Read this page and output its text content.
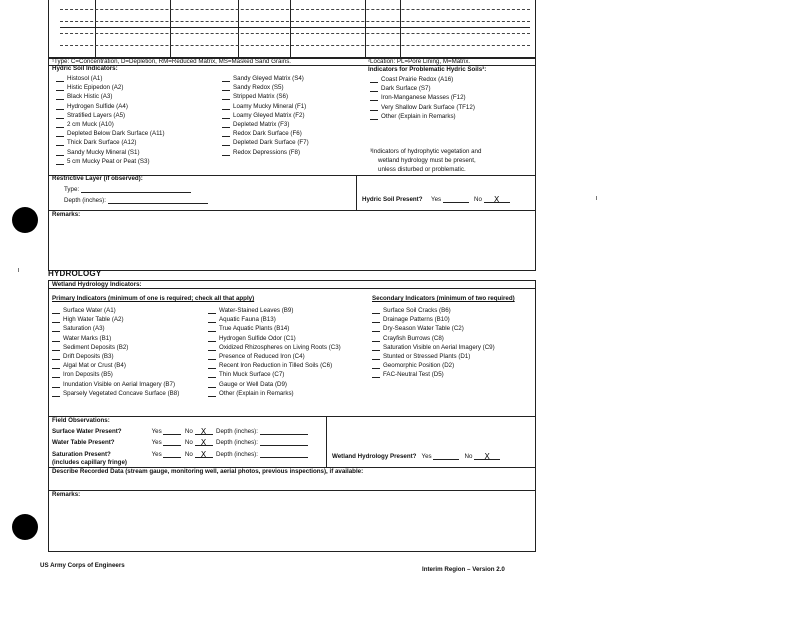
¹Type: C=Concentration, D=Depletion, RM=Reduced Matrix, MS=Masked Sand Grains.	²Location: PL=Pore Lining, M=Matrix.
Hydric Soil Indicators:	Indicators for Problematic Hydric Soils³:
Histosol (A1)
Histic Epipedon (A2)
Black Histic (A3)
Hydrogen Sulfide (A4)
Stratified Layers (A5)
2 cm Muck (A10)
Depleted Below Dark Surface (A11)
Thick Dark Surface (A12)
Sandy Mucky Mineral (S1)
5 cm Mucky Peat or Peat (S3)
Sandy Gleyed Matrix (S4)
Sandy Redox (S5)
Stripped Matrix (S6)
Loamy Mucky Mineral (F1)
Loamy Gleyed Matrix (F2)
Depleted Matrix (F3)
Redox Dark Surface (F6)
Depleted Dark Surface (F7)
Redox Depressions (F8)
Coast Prairie Redox (A16)
Dark Surface (S7)
Iron-Manganese Masses (F12)
Very Shallow Dark Surface (TF12)
Other (Explain in Remarks)
³Indicators of hydrophytic vegetation and
wetland hydrology must be present,
unless disturbed or problematic.
Restrictive Layer (if observed):
Type:
Depth (inches):	Hydric Soil Present? Yes	No X
Remarks:
HYDROLOGY
Wetland Hydrology Indicators:
Primary Indicators (minimum of one is required; check all that apply)	Secondary Indicators (minimum of two required)
Surface Water (A1)
High Water Table (A2)
Saturation (A3)
Water Marks (B1)
Sediment Deposits (B2)
Drift Deposits (B3)
Algal Mat or Crust (B4)
Iron Deposits (B5)
Inundation Visible on Aerial Imagery (B7)
Sparsely Vegetated Concave Surface (B8)
Water-Stained Leaves (B9)
Aquatic Fauna (B13)
True Aquatic Plants (B14)
Hydrogen Sulfide Odor (C1)
Oxidized Rhizospheres on Living Roots (C3)
Presence of Reduced Iron (C4)
Recent Iron Reduction in Tilled Soils (C6)
Thin Muck Surface (C7)
Gauge or Well Data (D9)
Other (Explain in Remarks)
Surface Soil Cracks (B6)
Drainage Patterns (B10)
Dry-Season Water Table (C2)
Crayfish Burrows (C8)
Saturation Visible on Aerial Imagery (C9)
Stunted or Stressed Plants (D1)
Geomorphic Position (D2)
FAC-Neutral Test (D5)
Field Observations:
Surface Water Present?	Yes	No X Depth (inches):
Water Table Present?	Yes	No X Depth (inches):
Saturation Present?	Yes	No X Depth (inches):
(includes capillary fringe)
Wetland Hydrology Present? Yes	No X
Describe Recorded Data (stream gauge, monitoring well, aerial photos, previous inspections), if available:
Remarks:
US Army Corps of Engineers
Interim Region – Version 2.0
